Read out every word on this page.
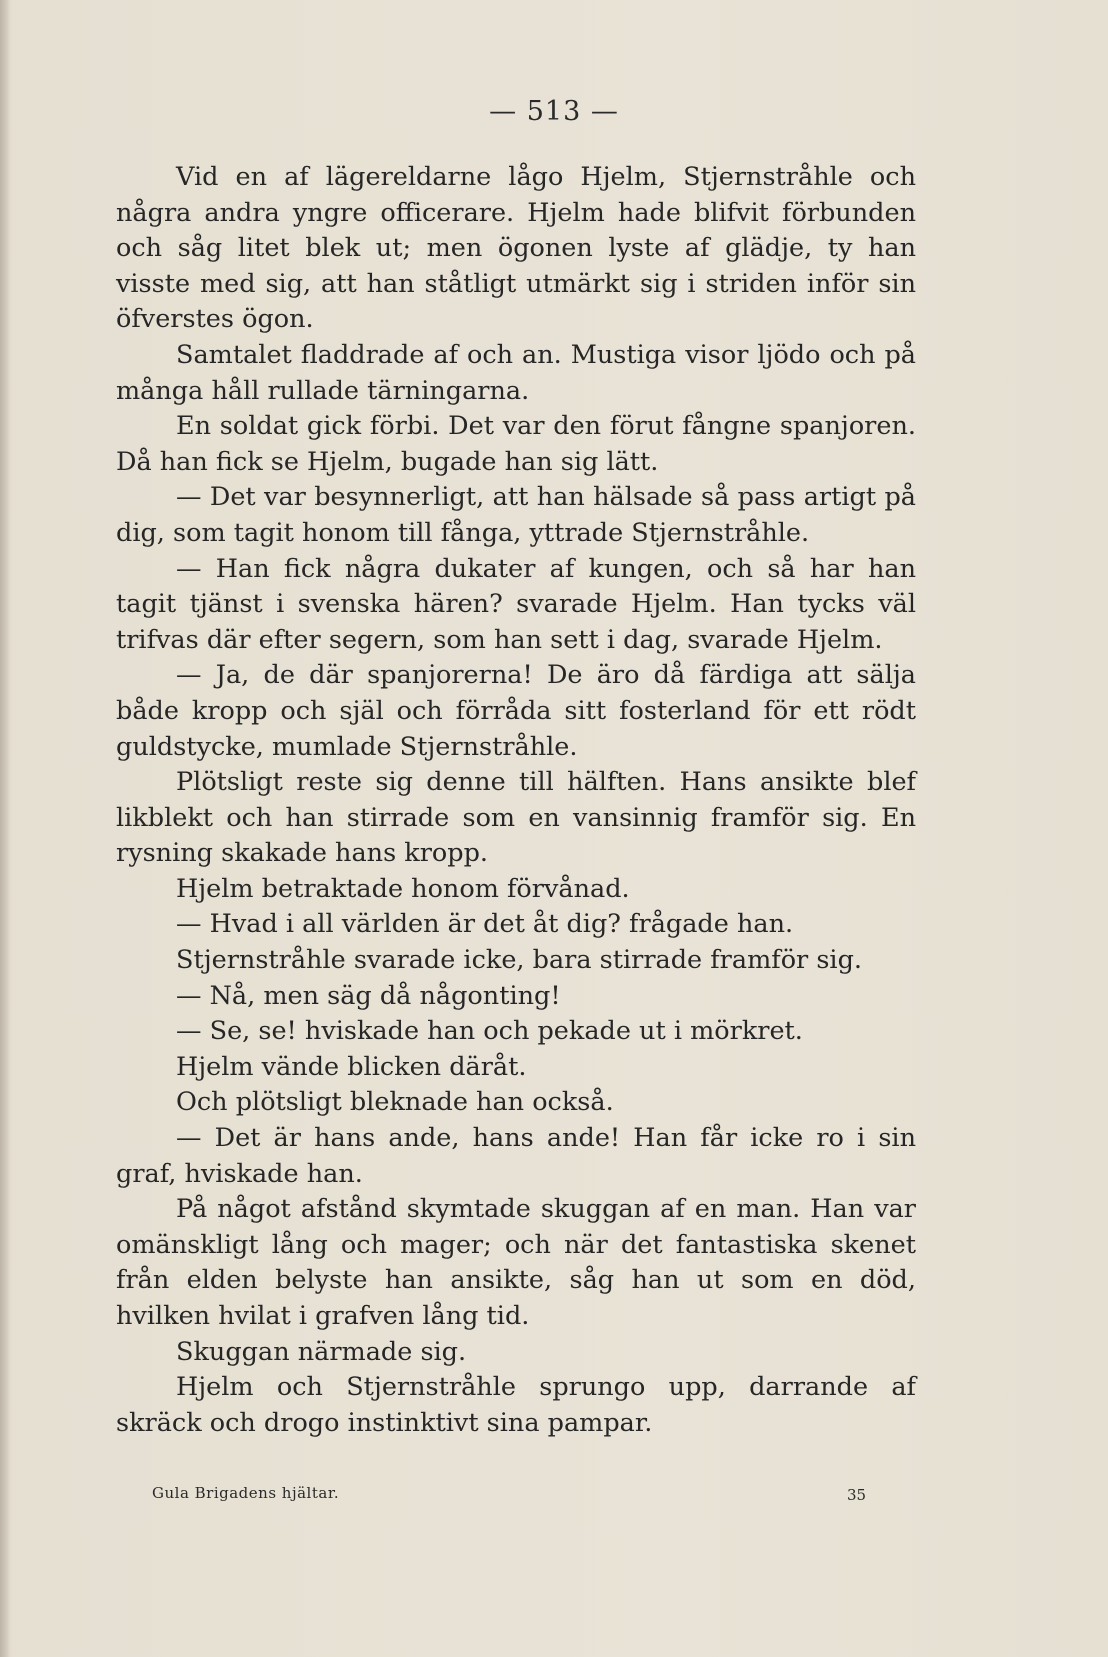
— 513 —

Vid en af lägereldarne lågo Hjelm, Stjernstråhle och några andra yngre officerare. Hjelm hade blifvit förbunden och såg litet blek ut; men ögonen lyste af glädje, ty han visste med sig, att han ståtligt utmärkt sig i striden inför sin öfverstes ögon.

Samtalet fladdrade af och an. Mustiga visor ljödo och på många håll rullade tärningarna.

En soldat gick förbi. Det var den förut fångne spanjoren. Då han fick se Hjelm, bugade han sig lätt.

— Det var besynnerligt, att han hälsade så pass artigt på dig, som tagit honom till fånga, yttrade Stjernstråhle.

— Han fick några dukater af kungen, och så har han tagit tjänst i svenska hären? svarade Hjelm. Han tycks väl trifvas där efter segern, som han sett i dag, svarade Hjelm.

— Ja, de där spanjorerna! De äro då färdiga att sälja både kropp och själ och förråda sitt fosterland för ett rödt guldstycke, mumlade Stjernstråhle.

Plötsligt reste sig denne till hälften. Hans ansikte blef likblekt och han stirrade som en vansinnig framför sig. En rysning skakade hans kropp.

Hjelm betraktade honom förvånad.

— Hvad i all världen är det åt dig? frågade han.

Stjernstråhle svarade icke, bara stirrade framför sig.

— Nå, men säg då någonting!

— Se, se! hviskade han och pekade ut i mörkret.

Hjelm vände blicken däråt.

Och plötsligt bleknade han också.

— Det är hans ande, hans ande! Han får icke ro i sin graf, hviskade han.

På något afstånd skymtade skuggan af en man. Han var omänskligt lång och mager; och när det fantastiska skenet från elden belyste han ansikte, såg han ut som en död, hvilken hvilat i grafven lång tid.

Skuggan närmade sig.

Hjelm och Stjernstråhle sprungo upp, darrande af skräck och drogo instinktivt sina pampar.

Gula Brigadens hjältar.	35
